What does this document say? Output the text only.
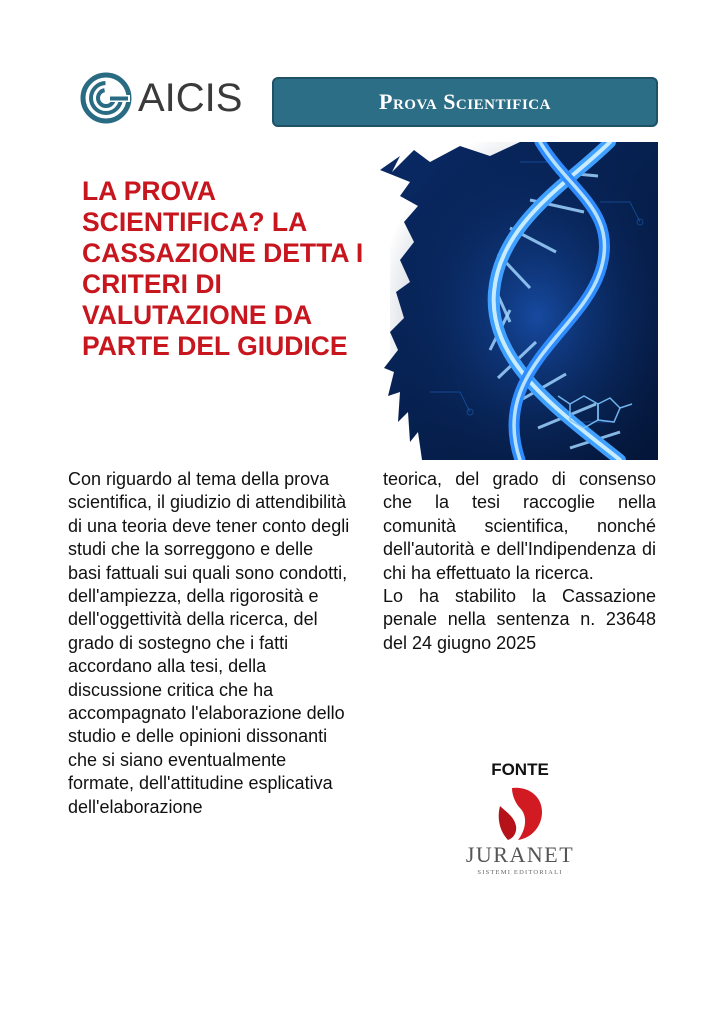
AICIS	Prova Scientifica
LA PROVA SCIENTIFICA? LA CASSAZIONE DETTA I CRITERI DI VALUTAZIONE DA PARTE DEL GIUDICE

Con riguardo al tema della prova scientifica, il giudizio di attendibilità di una teoria deve tener conto degli studi che la sorreggono e delle basi fattuali sui quali sono condotti, dell'ampiezza, della rigorosità e dell'oggettività della ricerca, del grado di sostegno che i fatti accordano alla tesi, della discussione critica che ha accompagnato l'elaborazione dello studio e delle opinioni dissonanti che si siano eventualmente formate, dell'attitudine esplicativa dell'elaborazione

teorica, del grado di consenso che la tesi raccoglie nella comunità scientifica, nonché dell'autorità e dell'Indipendenza di chi ha effettuato la ricerca.

Lo ha stabilito la Cassazione penale nella sentenza n. 23648 del 24 giugno 2025

FONTE
JURANET
SISTEMI EDITORIALI
